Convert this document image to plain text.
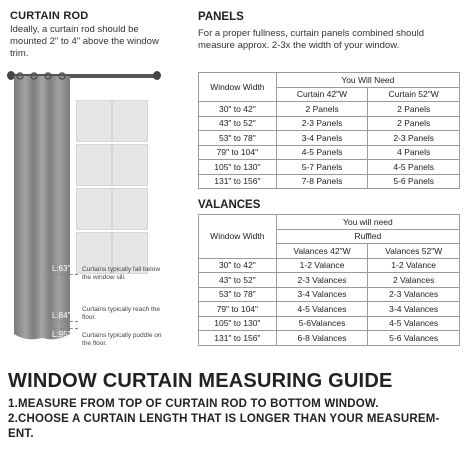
CURTAIN ROD
Ideally, a curtain rod should be mounted 2" to 4" above the window trim.
L:63" Curtains typically fall below the window sill.
L:84"
Curtains typically reach the floor.
L:95" Curtains typically puddle on the floor.
PANELS
For a proper fullness, curtain panels combined should measure approx. 2-3x the width of your window.
Window Width	You Will Need	
	Curtain 42"W	Curtain 52"W
30" to 42"	2 Panels	2 Panels
43" to 52"	2-3 Panels	2 Panels
53" to 78"	3-4 Panels	2-3 Panels
79" to 104"	4-5 Panels	4 Panels
105" to 130"	5-7 Panels	4-5 Panels
131" to 156"	7-8 Panels	5-6 Panels
VALANCES
Window Width	You will need	
	Ruffled	
	Valances 42"W	Valances 52"W
30" to 42"	1-2 Valance	1-2 Valance
43" to 52"	2-3 Valances	2 Valances
53" to 78"	3-4 Valances	2-3 Valances
79" to 104"	4-5 Valances	3-4 Valances
105" to 130"	5-6Valances	4-5 Valances
131" to 156"	6-8 Valances	5-6 Valances
WINDOW CURTAIN MEASURING GUIDE
1.MEASURE FROM TOP OF CURTAIN ROD TO BOTTOM WINDOW.
2.CHOOSE A CURTAIN LENGTH THAT IS LONGER THAN YOUR MEASUREM-ENT.
